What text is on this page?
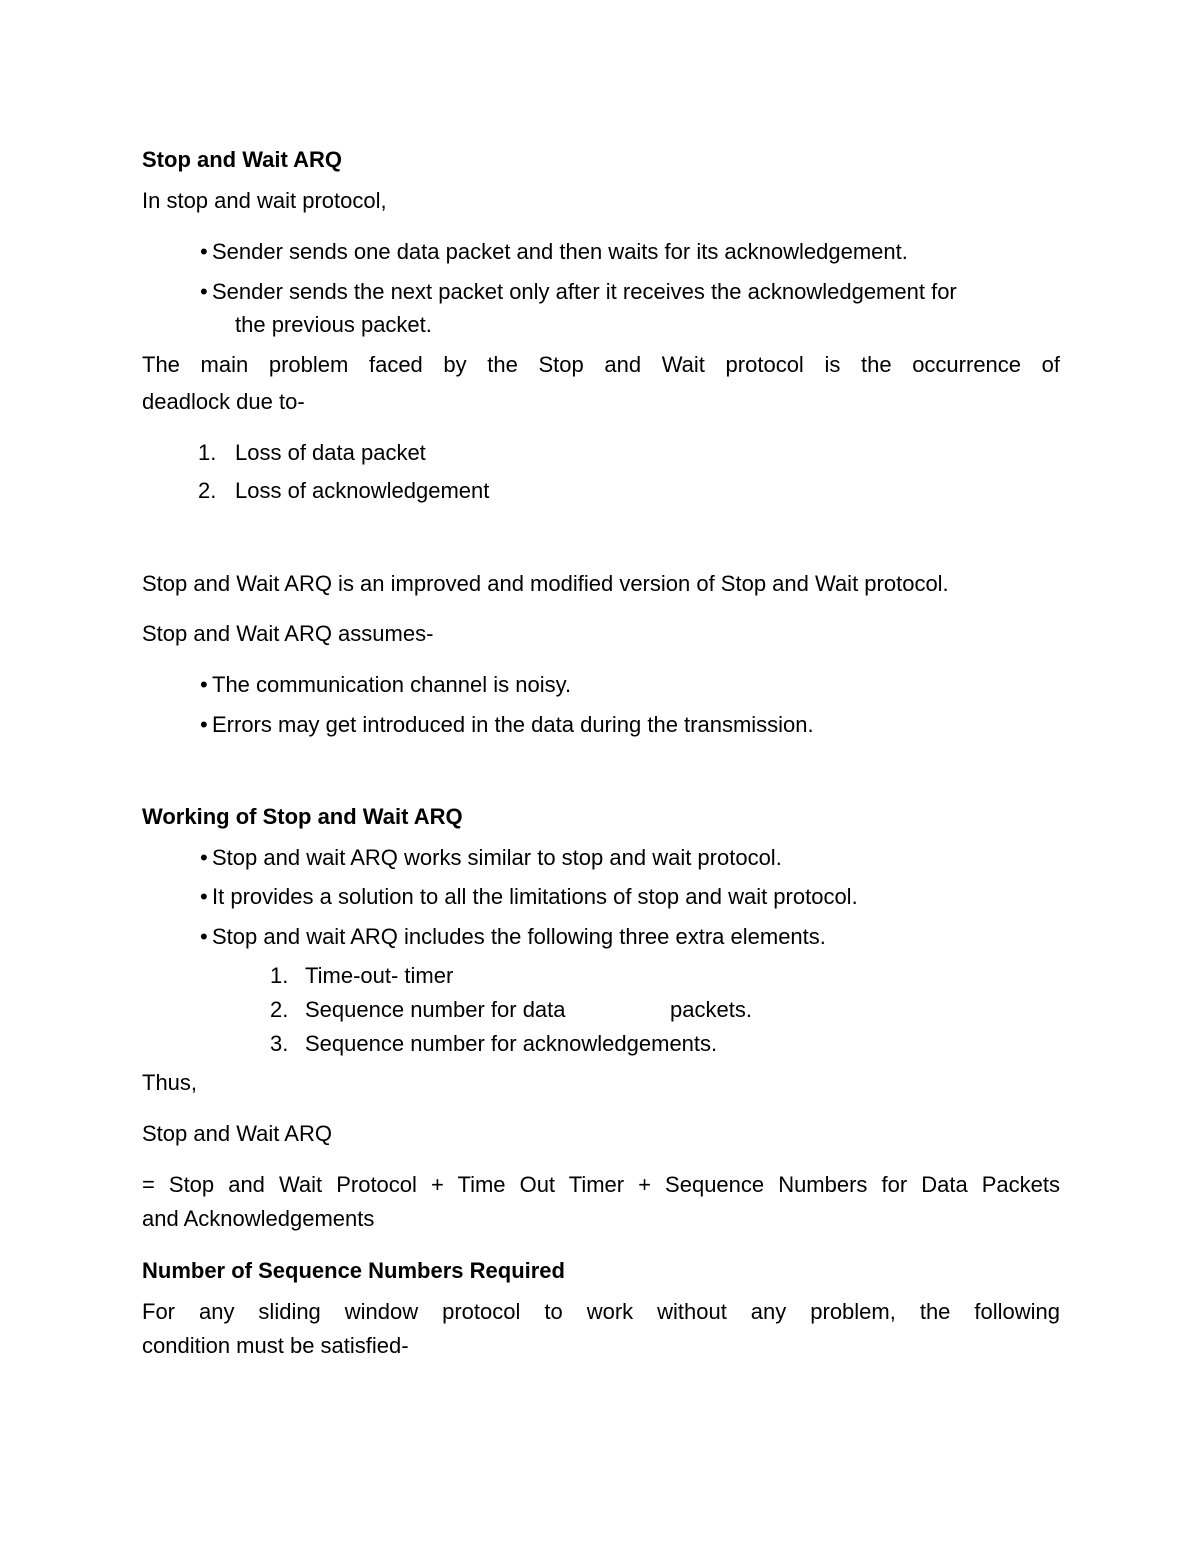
Stop and Wait ARQ

In stop and wait protocol,

• Sender sends one data packet and then waits for its acknowledgement.

• Sender sends the next packet only after it receives the acknowledgement for

the previous packet.

The main problem faced by the Stop and Wait protocol is the occurrence of

deadlock due to-

1. Loss of data packet
2. Loss of acknowledgement

Stop and Wait ARQ is an improved and modified version of Stop and Wait protocol.

Stop and Wait ARQ assumes-

• The communication channel is noisy.

• Errors may get introduced in the data during the transmission.

Working of Stop and Wait ARQ

• Stop and wait ARQ works similar to stop and wait protocol.

• It provides a solution to all the limitations of stop and wait protocol.

• Stop and wait ARQ includes the following three extra elements.

1. Time-out- timer
2. Sequence number for data	packets.
3. Sequence number for acknowledgements.

Thus,

Stop and Wait ARQ

= Stop and Wait Protocol + Time Out Timer + Sequence Numbers for Data Packets

and Acknowledgements

Number of Sequence Numbers Required

For any sliding window protocol to work without any problem, the following

condition must be satisfied-
